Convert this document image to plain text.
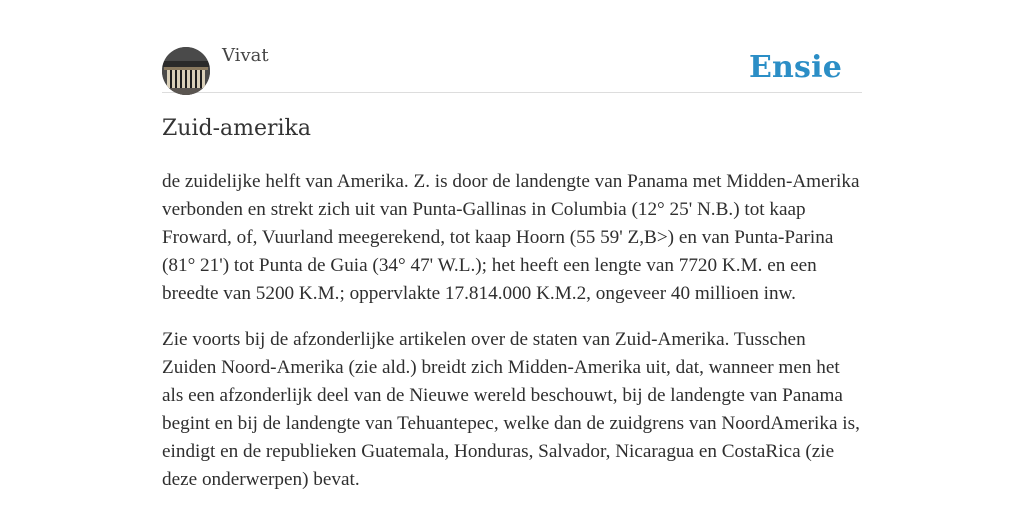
Vivat	Ensie
Zuid-amerika

de zuidelijke helft van Amerika. Z. is door de landengte van Panama met Midden-Amerika verbonden en strekt zich uit van Punta-Gallinas in Columbia (12° 25' N.B.) tot kaap Froward, of, Vuurland meegerekend, tot kaap Hoorn (55 59' Z,B>) en van Punta-Parina (81° 21') tot Punta de Guia (34° 47' W.L.); het heeft een lengte van 7720 K.M. en een breedte van 5200 K.M.; oppervlakte 17.814.000 K.M.2, ongeveer 40 millioen inw.

Zie voorts bij de afzonderlijke artikelen over de staten van Zuid-Amerika. Tusschen Zuiden Noord-Amerika (zie ald.) breidt zich Midden-Amerika uit, dat, wanneer men het als een afzonderlijk deel van de Nieuwe wereld beschouwt, bij de landengte van Panama begint en bij de landengte van Tehuantepec, welke dan de zuidgrens van NoordAmerika is, eindigt en de republieken Guatemala, Honduras, Salvador, Nicaragua en CostaRica (zie deze onderwerpen) bevat.
